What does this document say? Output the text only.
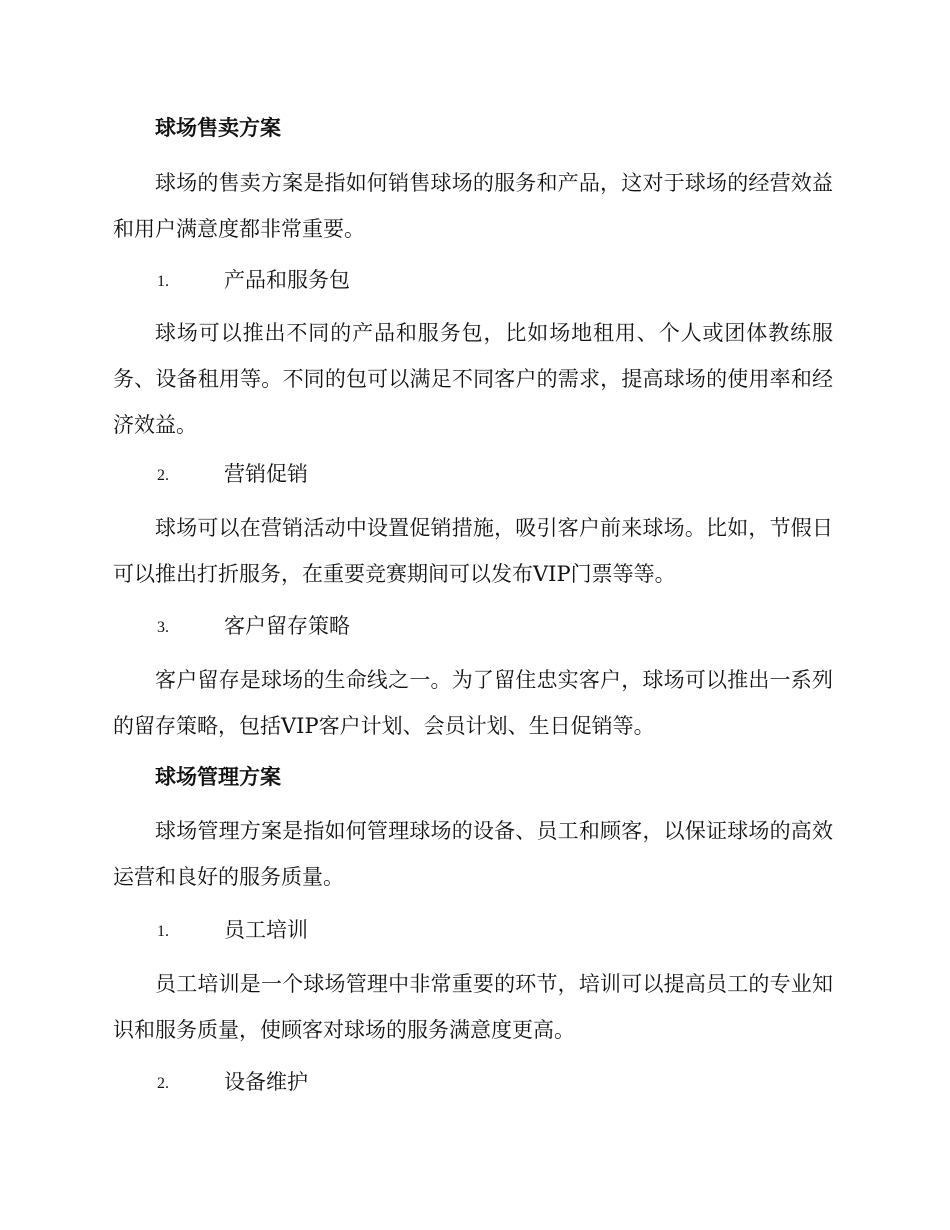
球场售卖方案

球场的售卖方案是指如何销售球场的服务和产品，这对于球场的经营效益和用户满意度都非常重要。

1.	产品和服务包

球场可以推出不同的产品和服务包，比如场地租用、个人或团体教练服务、设备租用等。不同的包可以满足不同客户的需求，提高球场的使用率和经济效益。

2.	营销促销

球场可以在营销活动中设置促销措施，吸引客户前来球场。比如，节假日可以推出打折服务，在重要竞赛期间可以发布VIP门票等等。

3.	客户留存策略

客户留存是球场的生命线之一。为了留住忠实客户，球场可以推出一系列的留存策略，包括VIP客户计划、会员计划、生日促销等。

球场管理方案

球场管理方案是指如何管理球场的设备、员工和顾客，以保证球场的高效运营和良好的服务质量。

1.	员工培训

员工培训是一个球场管理中非常重要的环节，培训可以提高员工的专业知识和服务质量，使顾客对球场的服务满意度更高。

2.	设备维护
